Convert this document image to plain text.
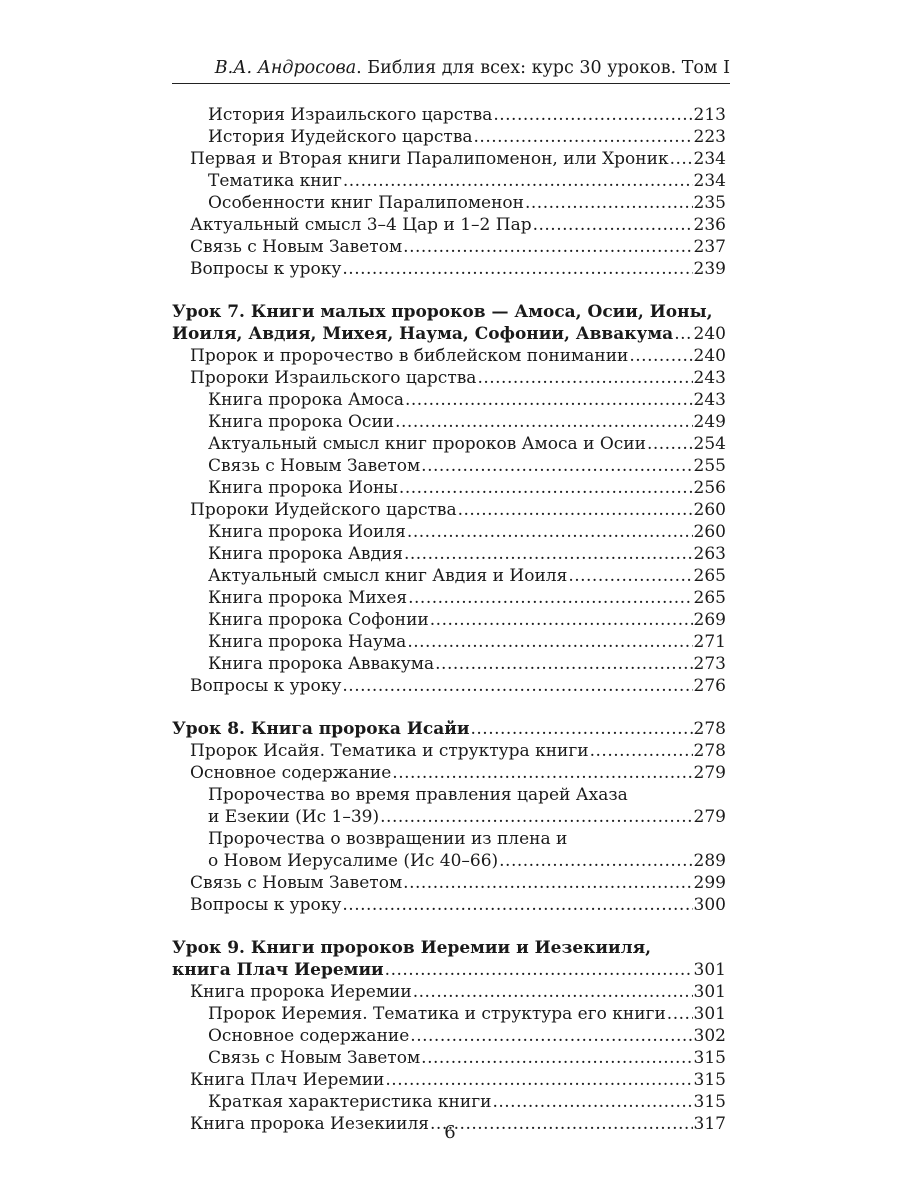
В.А. Андросова. Библия для всех: курс 30 уроков. Том I
История Израильского царства .....	213
История Иудейского царства .....	223
Первая и Вторая книги Паралипоменон, или Хроник ..... 234
Тематика книг .....	234
Особенности книг Паралипоменон .....	235
Актуальный смысл 3–4 Цар и 1–2 Пар .....	236
Связь с Новым Заветом .....	237
Вопросы к уроку .....	239
Урок 7. Книги малых пророков — Амоса, Осии, Ионы,
Иоиля, Авдия, Михея, Наума, Софонии, Аввакума ..... 240
Пророк и пророчество в библейском понимании .....	240
Пророки Израильского царства .....	243
Книга пророка Амоса .....	243
Книга пророка Осии .....	249
Актуальный смысл книг пророков Амоса и Осии .....	254
Связь с Новым Заветом .....	255
Книга пророка Ионы .....	256
Пророки Иудейского царства .....	260
Книга пророка Иоиля .....	260
Книга пророка Авдия .....	263
Актуальный смысл книг Авдия и Иоиля .....	265
Книга пророка Михея .....	265
Книга пророка Софонии .....	269
Книга пророка Наума .....	271
Книга пророка Аввакума .....	273
Вопросы к уроку .....	276
Урок 8. Книга пророка Исайи .....	278
Пророк Исайя. Тематика и структура книги .....	278
Основное содержание .....	279
Пророчества во время правления царей Ахаза
и Езекии (Ис 1–39) .....	279
Пророчества о возвращении из плена и
о Новом Иерусалиме (Ис 40–66) .....	289
Связь с Новым Заветом .....	299
Вопросы к уроку .....	300
Урок 9. Книги пророков Иеремии и Иезекииля,
книга Плач Иеремии .....	301
Книга пророка Иеремии .....	301
Пророк Иеремия. Тематика и структура его книги ..... 301
Основное содержание .....	302
Связь с Новым Заветом .....	315
Книга Плач Иеремии .....	315
Краткая характеристика книги .....	315
Книга пророка Иезекииля .....	317
6
